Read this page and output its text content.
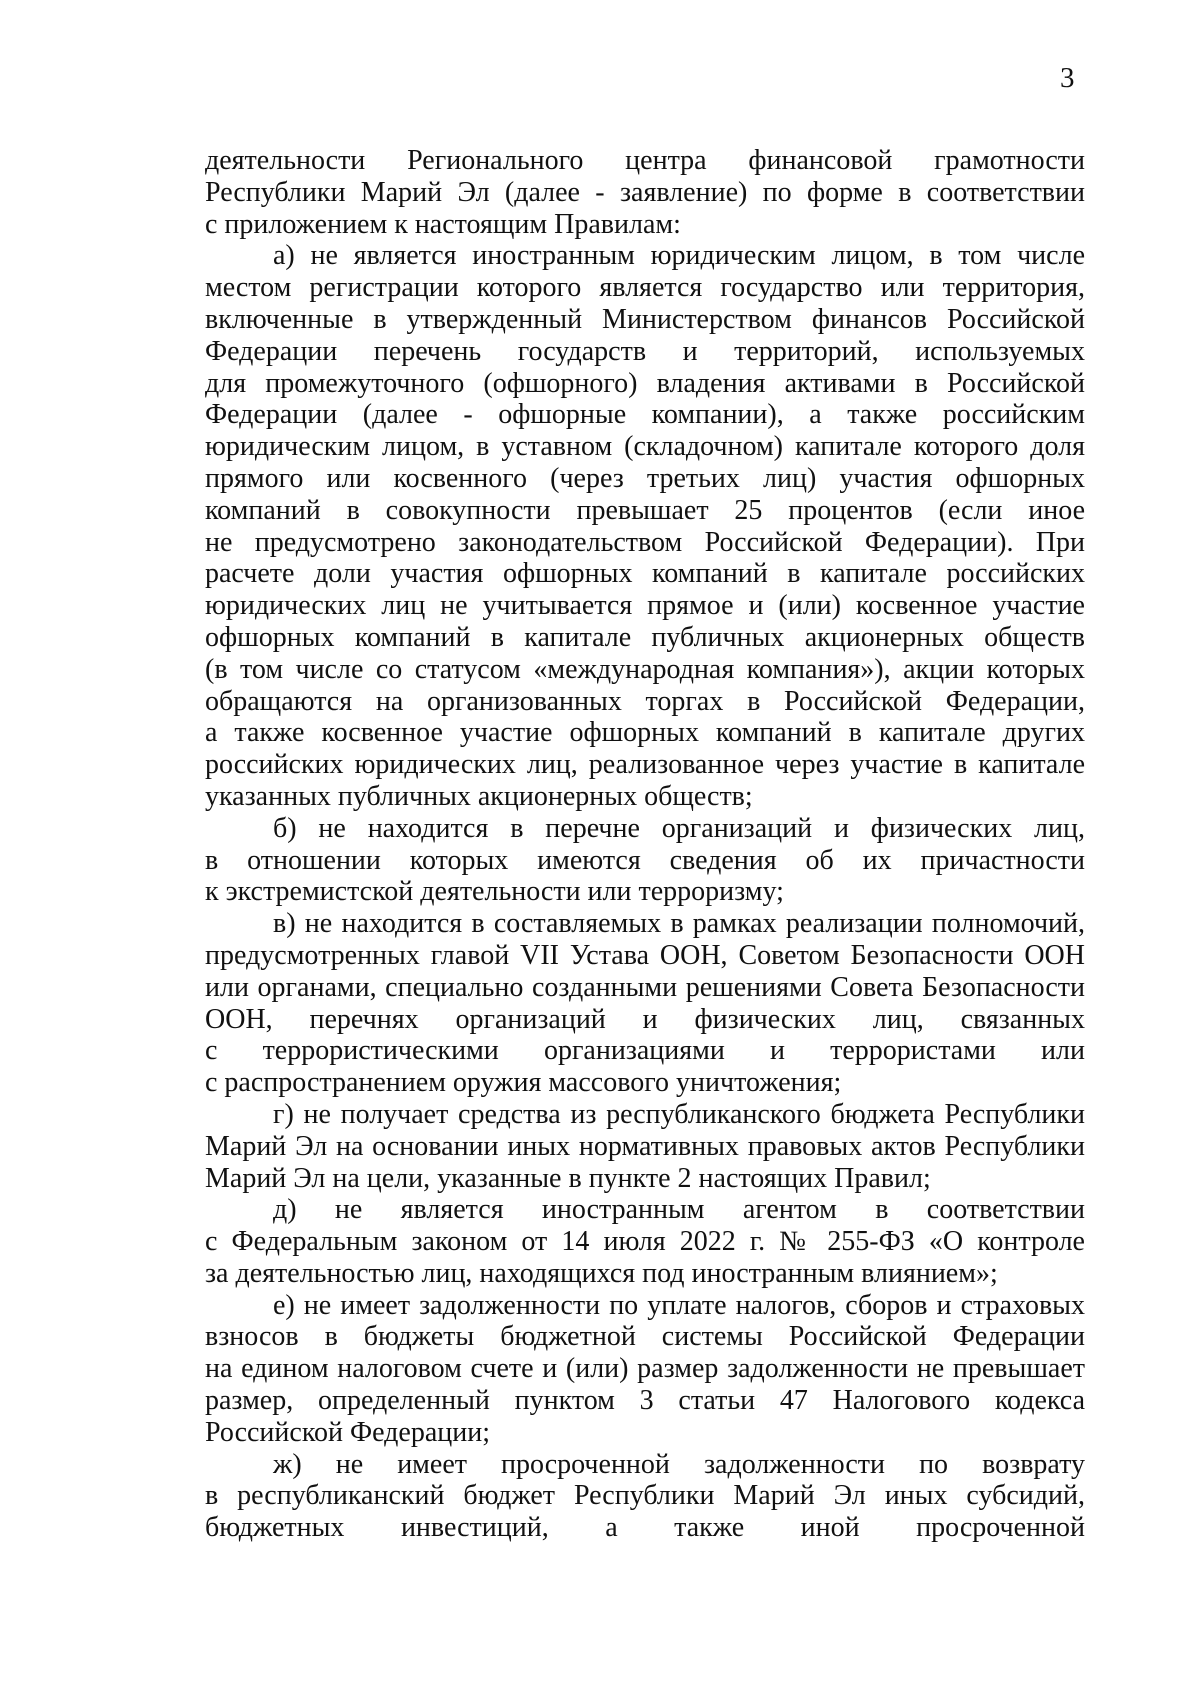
3
деятельности Регионального центра финансовой грамотности
Республики Марий Эл (далее - заявление) по форме в соответствии
с приложением к настоящим Правилам:
а) не является иностранным юридическим лицом, в том числе
местом регистрации которого является государство или территория,
включенные в утвержденный Министерством финансов Российской
Федерации перечень государств и территорий, используемых
для промежуточного (офшорного) владения активами в Российской
Федерации (далее - офшорные компании), а также российским
юридическим лицом, в уставном (складочном) капитале которого доля
прямого или косвенного (через третьих лиц) участия офшорных
компаний в совокупности превышает 25 процентов (если иное
не предусмотрено законодательством Российской Федерации). При
расчете доли участия офшорных компаний в капитале российских
юридических лиц не учитывается прямое и (или) косвенное участие
офшорных компаний в капитале публичных акционерных обществ
(в том числе со статусом «международная компания»), акции которых
обращаются на организованных торгах в Российской Федерации,
а также косвенное участие офшорных компаний в капитале других
российских юридических лиц, реализованное через участие в капитале
указанных публичных акционерных обществ;
б) не находится в перечне организаций и физических лиц,
в отношении которых имеются сведения об их причастности
к экстремистской деятельности или терроризму;
в) не находится в составляемых в рамках реализации полномочий,
предусмотренных главой VII Устава ООН, Советом Безопасности ООН
или органами, специально созданными решениями Совета Безопасности
ООН, перечнях организаций и физических лиц, связанных
с террористическими организациями и террористами или
с распространением оружия массового уничтожения;
г) не получает средства из республиканского бюджета Республики
Марий Эл на основании иных нормативных правовых актов Республики
Марий Эл на цели, указанные в пункте 2 настоящих Правил;
д) не является иностранным агентом в соответствии
с Федеральным законом от 14 июля 2022 г. № 255-ФЗ «О контроле
за деятельностью лиц, находящихся под иностранным влиянием»;
е) не имеет задолженности по уплате налогов, сборов и страховых
взносов в бюджеты бюджетной системы Российской Федерации
на едином налоговом счете и (или) размер задолженности не превышает
размер, определенный пунктом 3 статьи 47 Налогового кодекса
Российской Федерации;
ж) не имеет просроченной задолженности по возврату
в республиканский бюджет Республики Марий Эл иных субсидий,
бюджетных инвестиций, а также иной просроченной
